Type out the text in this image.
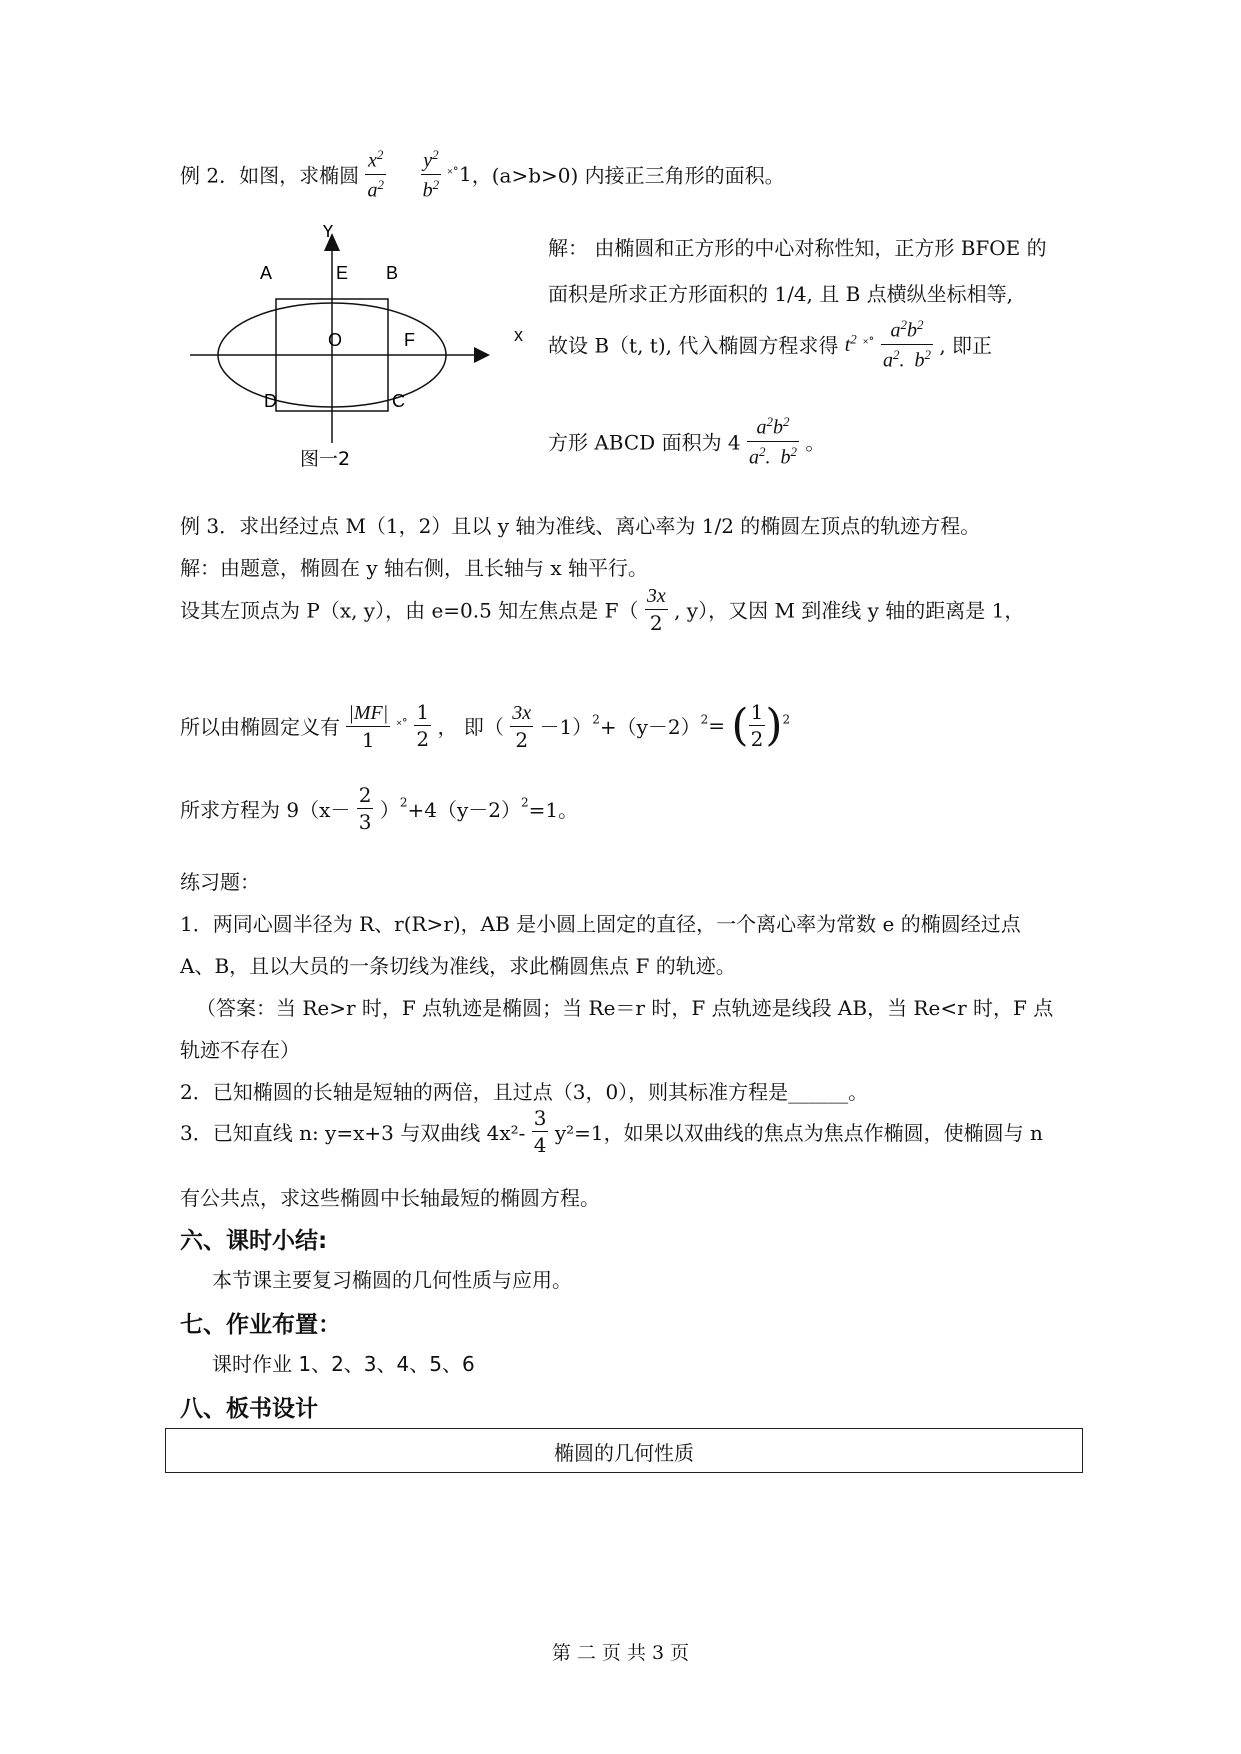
例 2．如图，求椭圆 $\frac{x^2}{a^2}$
$\frac{y^2}{b^2}$ ˟˚1，(a>b>0) 内接正三角形的面积。
Y
A	E B
O	F
D	C
图一2
x
解： 由椭圆和正方形的中心对称性知，正方形 BFOE 的
面积是所求正方形面积的 1/4, 且 B 点横纵坐标相等,
故设 B（t, t), 代入椭圆方程求得 $t^2$ ˟˚ $\frac{a^2b^2}{a^2. b^2}$ , 即正
方形 ABCD 面积为 $4 \frac{a^2b^2}{a^2. b^2}$ 。
例 3．求出经过点 M（1，2）且以 y 轴为准线、离心率为 1/2 的椭圆左顶点的轨迹方程。
解：由题意，椭圆在 y 轴右侧，且长轴与 x 轴平行。
设其左顶点为 P（x, y），由 e=0.5 知左焦点是 $F( \frac{3x}{2}$ , y），又因 M 到准线 y 轴的距离是 1，
所以由椭圆定义有 $\frac{|MF|}{1}$ ˟˚ $\frac{1}{2}$ ， 即（ $\frac{3x}{2} -1)^2+(y-2)^2=$ ( $\frac{1}{2} )^2$
所求方程为 $9(x- \frac{2}{3} )^2+4(y-2)^2=1$。
练习题：
1．两同心圆半径为 R、r(R>r)，AB 是小圆上固定的直径，一个离心率为常数 e 的椭圆经过点
A、B，且以大员的一条切线为准线，求此椭圆焦点 F 的轨迹。
（答案：当 Re>r 时，F 点轨迹是椭圆；当 Re＝r 时，F 点轨迹是线段 AB，当 Re<r 时，F 点
轨迹不存在）
2．已知椭圆的长轴是短轴的两倍，且过点（3，0），则其标准方程是______。
3．已知直线 n: y=x+3 与双曲线 $4x^2- \frac{3}{4} y^2=1$，如果以双曲线的焦点为焦点作椭圆，使椭圆与 n
有公共点，求这些椭圆中长轴最短的椭圆方程。
六、课时小结:
本节课主要复习椭圆的几何性质与应用。
七、作业布置：
课时作业 1、2、3、4、5、6
八、板书设计
椭圆的几何性质
第 二 页 共 3 页
